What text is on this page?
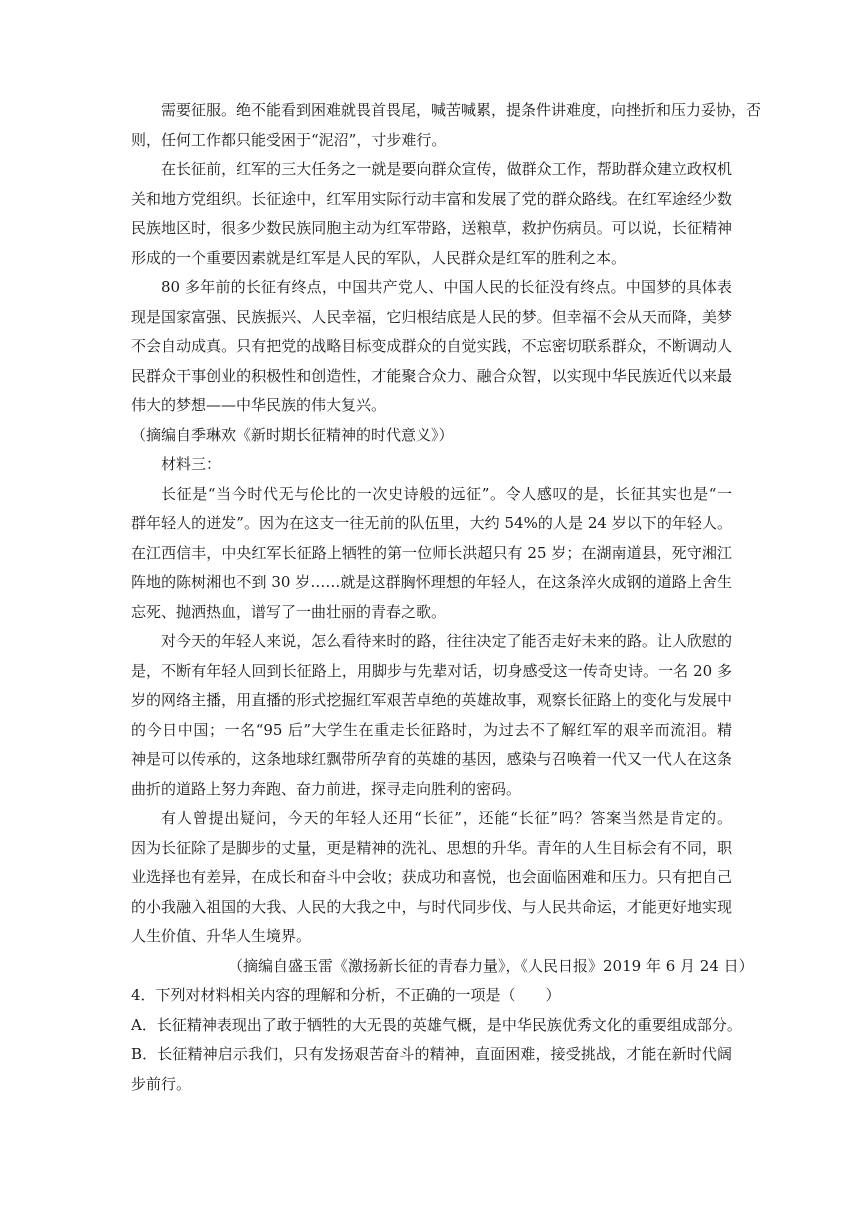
需要征服。绝不能看到困难就畏首畏尾，喊苦喊累，提条件讲难度，向挫折和压力妥协，否
则，任何工作都只能受困于“泥沼”，寸步难行。
在长征前，红军的三大任务之一就是要向群众宣传，做群众工作，帮助群众建立政权机
关和地方党组织。长征途中，红军用实际行动丰富和发展了党的群众路线。在红军途经少数
民族地区时，很多少数民族同胞主动为红军带路，送粮草，救护伤病员。可以说，长征精神
形成的一个重要因素就是红军是人民的军队，人民群众是红军的胜利之本。
80 多年前的长征有终点，中国共产党人、中国人民的长征没有终点。中国梦的具体表
现是国家富强、民族振兴、人民幸福，它归根结底是人民的梦。但幸福不会从天而降，美梦
不会自动成真。只有把党的战略目标变成群众的自觉实践，不忘密切联系群众，不断调动人
民群众干事创业的积极性和创造性，才能聚合众力、融合众智，以实现中华民族近代以来最
伟大的梦想——中华民族的伟大复兴。
（摘编自季琳欢《新时期长征精神的时代意义》）
材料三：
长征是“当今时代无与伦比的一次史诗般的远征”。令人感叹的是，长征其实也是“一
群年轻人的迸发”。因为在这支一往无前的队伍里，大约 54%的人是 24 岁以下的年轻人。
在江西信丰，中央红军长征路上牺牲的第一位师长洪超只有 25 岁；在湖南道县，死守湘江
阵地的陈树湘也不到 30 岁……就是这群胸怀理想的年轻人，在这条淬火成钢的道路上舍生
忘死、抛洒热血，谱写了一曲壮丽的青春之歌。
对今天的年轻人来说，怎么看待来时的路，往往决定了能否走好未来的路。让人欣慰的
是，不断有年轻人回到长征路上，用脚步与先辈对话，切身感受这一传奇史诗。一名 20 多
岁的网络主播，用直播的形式挖掘红军艰苦卓绝的英雄故事，观察长征路上的变化与发展中
的今日中国；一名“95 后”大学生在重走长征路时，为过去不了解红军的艰辛而流泪。精
神是可以传承的，这条地球红飘带所孕育的英雄的基因，感染与召唤着一代又一代人在这条
曲折的道路上努力奔跑、奋力前进，探寻走向胜利的密码。
有人曾提出疑问，今天的年轻人还用“长征”，还能“长征”吗？答案当然是肯定的。
因为长征除了是脚步的丈量，更是精神的洗礼、思想的升华。青年的人生目标会有不同，职
业选择也有差异，在成长和奋斗中会收；获成功和喜悦，也会面临困难和压力。只有把自己
的小我融入祖国的大我、人民的大我之中，与时代同步伐、与人民共命运，才能更好地实现
人生价值、升华人生境界。
（摘编自盛玉雷《激扬新长征的青春力量》，《人民日报》2019 年 6 月 24 日）
4．下列对材料相关内容的理解和分析，不正确的一项是（　　）
A．长征精神表现出了敢于牺牲的大无畏的英雄气概，是中华民族优秀文化的重要组成部分。
B．长征精神启示我们，只有发扬艰苦奋斗的精神，直面困难，接受挑战，才能在新时代阔
步前行。
